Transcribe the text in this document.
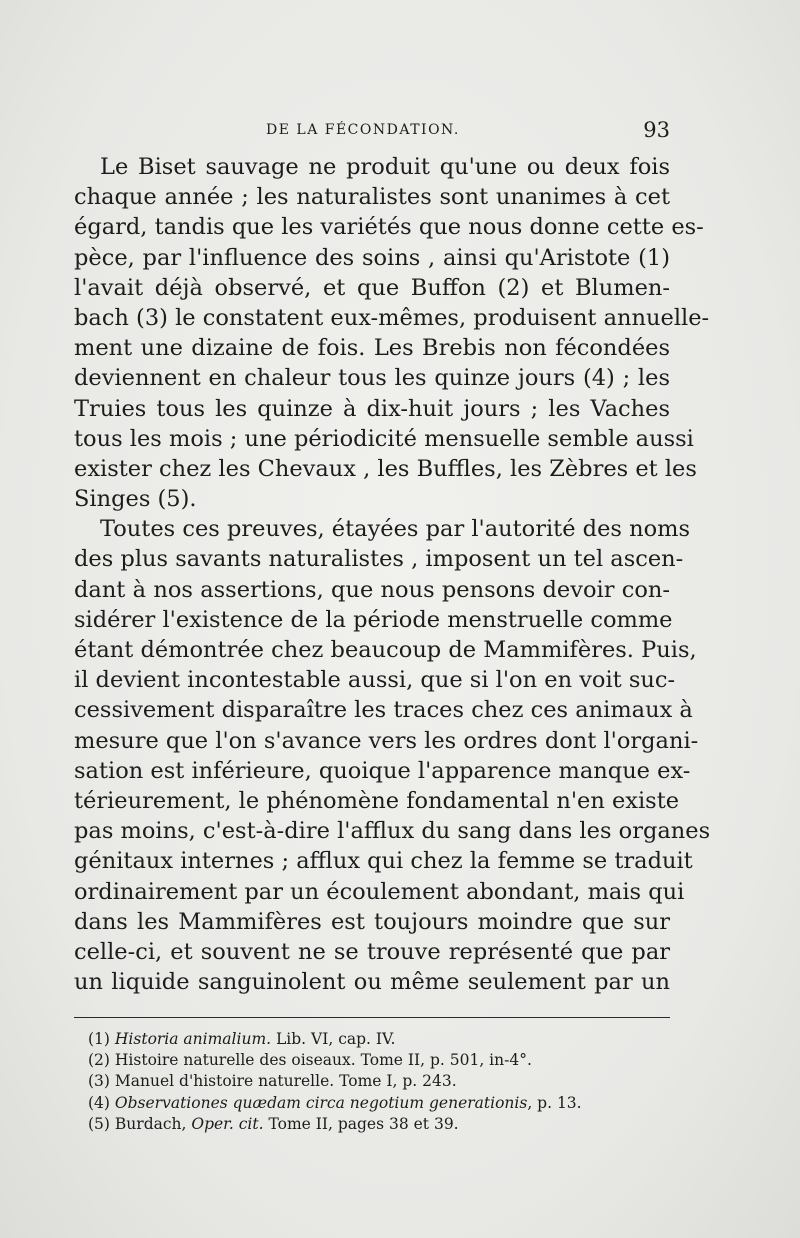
DE LA FÉCONDATION.	93
Le Biset sauvage ne produit qu'une ou deux fois
chaque année ; les naturalistes sont unanimes à cet
égard, tandis que les variétés que nous donne cette es-
pèce, par l'influence des soins , ainsi qu'Aristote (1)
l'avait déjà observé, et que Buffon (2) et Blumen-
bach (3) le constatent eux-mêmes, produisent annuelle-
ment une dizaine de fois. Les Brebis non fécondées
deviennent en chaleur tous les quinze jours (4) ; les
Truies tous les quinze à dix-huit jours ; les Vaches
tous les mois ; une périodicité mensuelle semble aussi
exister chez les Chevaux , les Buffles, les Zèbres et les
Singes (5).
Toutes ces preuves, étayées par l'autorité des noms
des plus savants naturalistes , imposent un tel ascen-
dant à nos assertions, que nous pensons devoir con-
sidérer l'existence de la période menstruelle comme
étant démontrée chez beaucoup de Mammifères. Puis,
il devient incontestable aussi, que si l'on en voit suc-
cessivement disparaître les traces chez ces animaux à
mesure que l'on s'avance vers les ordres dont l'organi-
sation est inférieure, quoique l'apparence manque ex-
térieurement, le phénomène fondamental n'en existe
pas moins, c'est-à-dire l'afflux du sang dans les organes
génitaux internes ; afflux qui chez la femme se traduit
ordinairement par un écoulement abondant, mais qui
dans les Mammifères est toujours moindre que sur
celle-ci, et souvent ne se trouve représenté que par
un liquide sanguinolent ou même seulement par un
(1) Historia animalium. Lib. VI, cap. IV.
(2) Histoire naturelle des oiseaux. Tome II, p. 501, in-4°.
(3) Manuel d'histoire naturelle. Tome I, p. 243.
(4) Observationes quædam circa negotium generationis, p. 13.
(5) Burdach, Oper. cit. Tome II, pages 38 et 39.
